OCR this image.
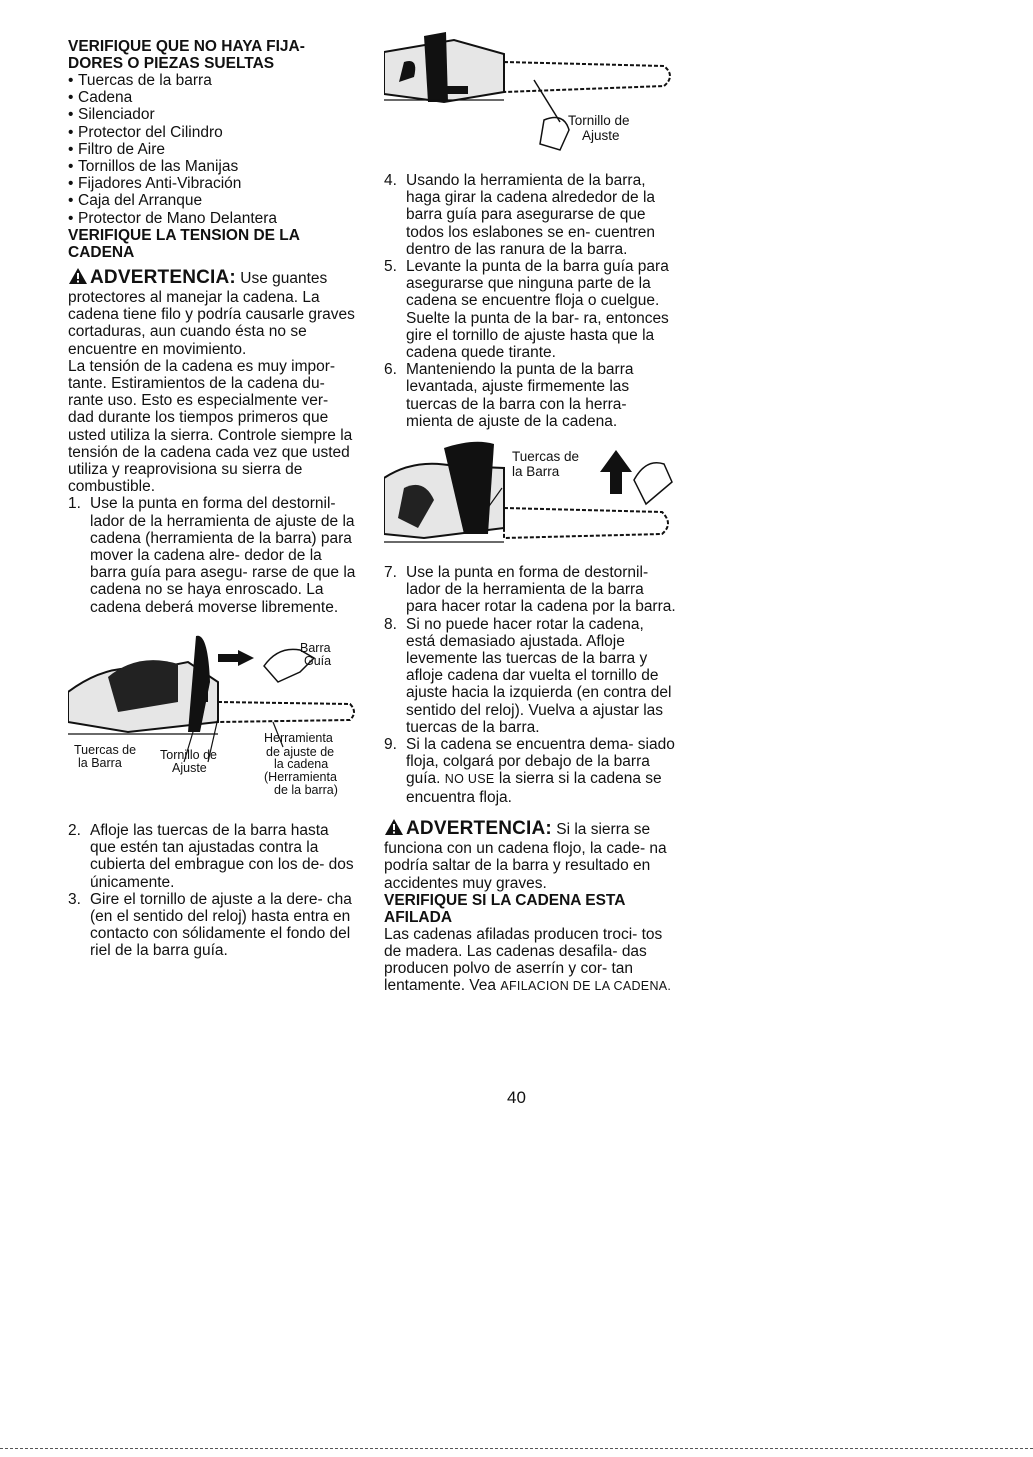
VERIFIQUE QUE NO HAYA FIJA- DORES O PIEZAS SUELTAS
• Tuercas de la barra
• Cadena
• Silenciador
• Protector del Cilindro
• Filtro de Aire
• Tornillos de las Manijas
• Fijadores Anti-Vibración
• Caja del Arranque
• Protector de Mano Delantera
VERIFIQUE LA TENSION DE LA CADENA

ADVERTENCIA: Use guantes protectores al manejar la cadena. La cadena tiene filo y podría causarle graves cortaduras, aun cuando ésta no se encuentre en movimiento.

La tensión de la cadena es muy impor- tante. Estiramientos de la cadena du- rante uso. Esto es especialmente ver- dad durante los tiempos primeros que usted utiliza la sierra. Controle siempre la tensión de la cadena cada vez que usted utiliza y reaprovisiona su sierra de combustible.

1. Use la punta en forma del destornil- lador de la herramienta de ajuste de la cadena (herramienta de la barra) para mover la cadena alre- dedor de la barra guía para asegu- rarse de que la cadena no se haya enroscado. La cadena deberá moverse libremente.
Barra
Guía
Herramienta
de ajuste de
la cadena
(Herramienta
de la barra)
Tuercas de
la Barra
Tornillo de
Ajuste
2. Afloje las tuercas de la barra hasta que estén tan ajustadas contra la cubierta del embrague con los de- dos únicamente.
3. Gire el tornillo de ajuste a la dere- cha (en el sentido del reloj) hasta entra en contacto con sólidamente el fondo del riel de la barra guía.
Tornillo de
Ajuste
4. Usando la herramienta de la barra, haga girar la cadena alrededor de la barra guía para asegurarse de que todos los eslabones se en- cuentren dentro de las ranura de la barra.
5. Levante la punta de la barra guía para asegurarse que ninguna parte de la cadena se encuentre floja o cuelgue. Suelte la punta de la bar- ra, entonces gire el tornillo de ajuste hasta que la cadena quede tirante.
6. Manteniendo la punta de la barra levantada, ajuste firmemente las tuercas de la barra con la herra- mienta de ajuste de la cadena.
Tuercas de
la Barra
7. Use la punta en forma de destornil- lador de la herramienta de la barra para hacer rotar la cadena por la barra.
8. Si no puede hacer rotar la cadena, está demasiado ajustada. Afloje levemente las tuercas de la barra y afloje cadena dar vuelta el tornillo de ajuste hacia la izquierda (en contra del sentido del reloj). Vuelva a ajustar las tuercas de la barra.
9. Si la cadena se encuentra dema- siado floja, colgará por debajo de la barra guía. NO USE la sierra si la cadena se encuentra floja.

ADVERTENCIA: Si la sierra se funciona con un cadena flojo, la cade- na podría saltar de la barra y resultado en accidentes muy graves.

VERIFIQUE SI LA CADENA ESTA AFILADA

Las cadenas afiladas producen troci- tos de madera. Las cadenas desafila- das producen polvo de aserrín y cor- tan lentamente. Vea AFILACION DE LA CADENA.

40
